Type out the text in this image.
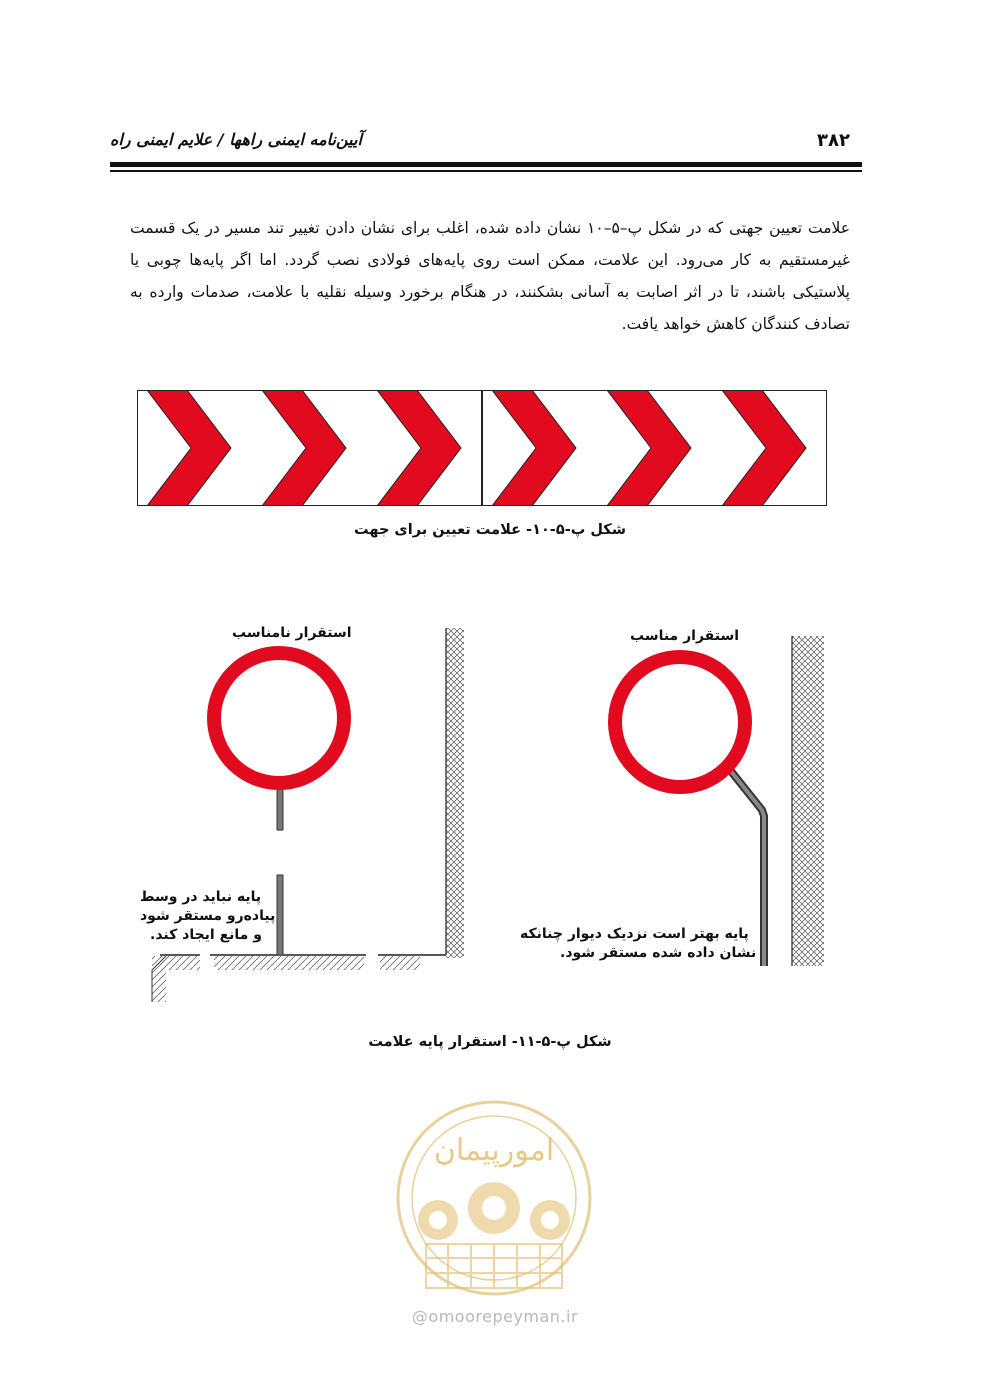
۳۸۲
آیین‌نامه ایمنی راهها / علایم ایمنی راه
علامت تعیین جهتی که در شکل پ–۵–۱۰ نشان داده شده، اغلب برای نشان دادن تغییر تند مسیر در یک قسمت غیرمستقیم به کار می‌رود. این علامت، ممکن است روی پایه‌های فولادی نصب گردد. اما اگر پایه‌ها چوبی یا پلاستیکی باشند، تا در اثر اصابت به آسانی بشکنند، در هنگام برخورد وسیله نقلیه با علامت، صدمات وارده به تصادف کنندگان کاهش خواهد یافت.
شکل پ-۵-۱۰- علامت تعیین برای جهت
استقرار نامناسب
پایه نباید در وسط
پیاده‌رو مستقر شود
و مانع ایجاد کند.
استقرار مناسب
پایه بهتر است نزدیک دیوار چنانکه
نشان داده شده مستقر شود.
شکل پ-۵-۱۱- استقرار پایه علامت
امورپیمان
@omoorepeyman.ir
